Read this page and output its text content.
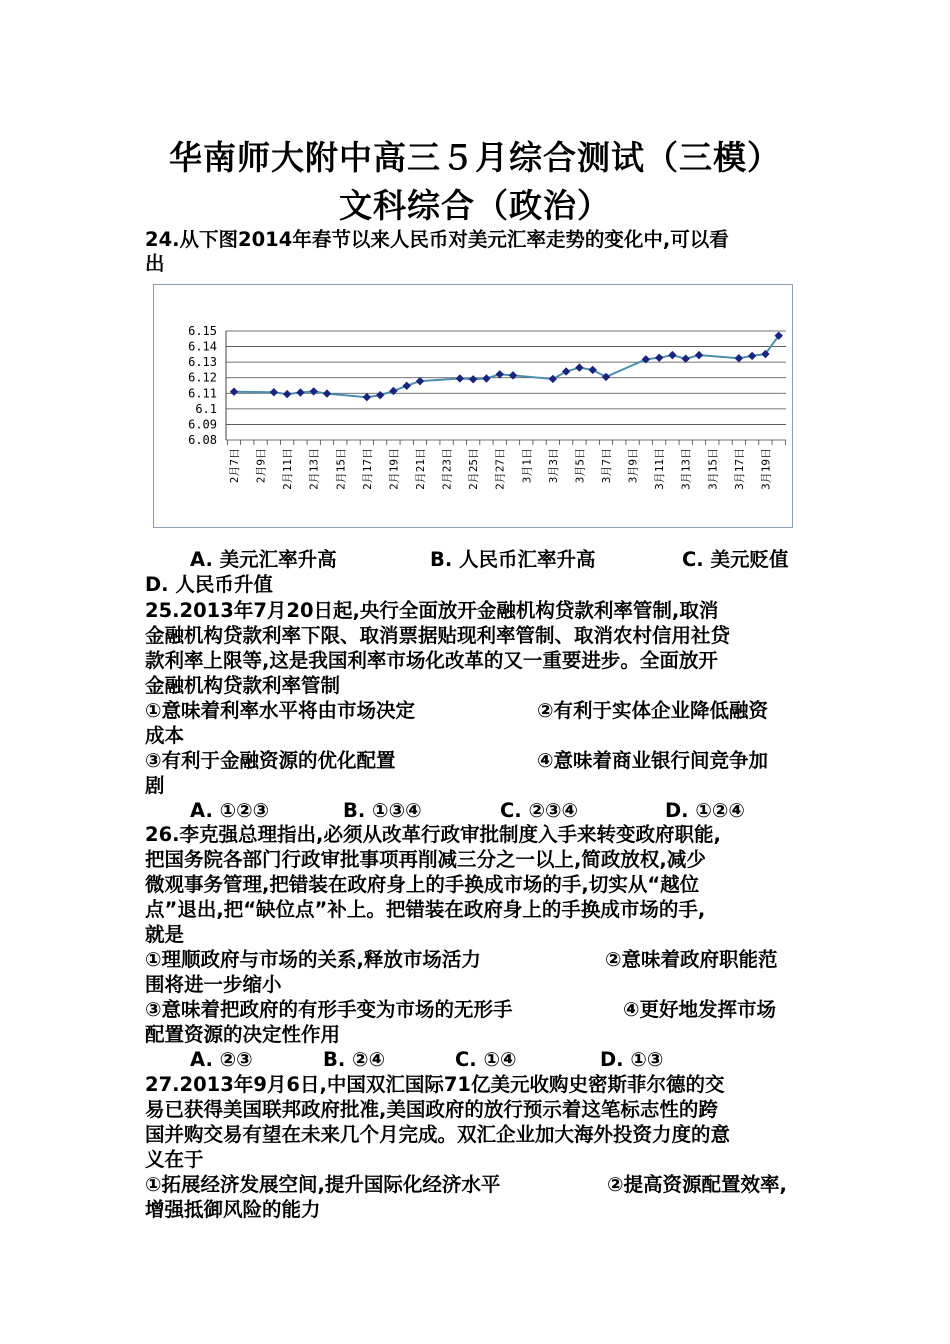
华南师大附中高三５月综合测试（三模）
文科综合（政治）
24.从下图2014年春节以来人民币对美元汇率走势的变化中,可以看
出
6.15
6.14
6.13
6.12
6.11
6.1
6.09
6.08
2月7日 2月9日 2月11日 2月13日 2月15日 2月17日 2月19日 2月21日 2月23日 2月25日 2月27日 3月1日 3月3日 3月5日 3月7日 3月9日 3月11日 3月13日 3月15日 3月17日 3月19日
A. 美元汇率升高	B. 人民币汇率升高	C. 美元贬值
D. 人民币升值
25.2013年7月20日起,央行全面放开金融机构贷款利率管制,取消
金融机构贷款利率下限、取消票据贴现利率管制、取消农村信用社贷
款利率上限等,这是我国利率市场化改革的又一重要进步。全面放开
金融机构贷款利率管制
①意味着利率水平将由市场决定	②有利于实体企业降低融资
成本
③有利于金融资源的优化配置	④意味着商业银行间竞争加
剧
A. ①②③	B. ①③④	C. ②③④	D. ①②④
26.李克强总理指出,必须从改革行政审批制度入手来转变政府职能,
把国务院各部门行政审批事项再削减三分之一以上,简政放权,减少
微观事务管理,把错装在政府身上的手换成市场的手,切实从“越位
点”退出,把“缺位点”补上。把错装在政府身上的手换成市场的手,
就是
①理顺政府与市场的关系,释放市场活力	②意味着政府职能范
围将进一步缩小
③意味着把政府的有形手变为市场的无形手	④更好地发挥市场
配置资源的决定性作用
A. ②③	B. ②④	C. ①④	D. ①③
27.2013年9月6日,中国双汇国际71亿美元收购史密斯菲尔德的交
易已获得美国联邦政府批准,美国政府的放行预示着这笔标志性的跨
国并购交易有望在未来几个月完成。双汇企业加大海外投资力度的意
义在于
①拓展经济发展空间,提升国际化经济水平	②提高资源配置效率,
增强抵御风险的能力
